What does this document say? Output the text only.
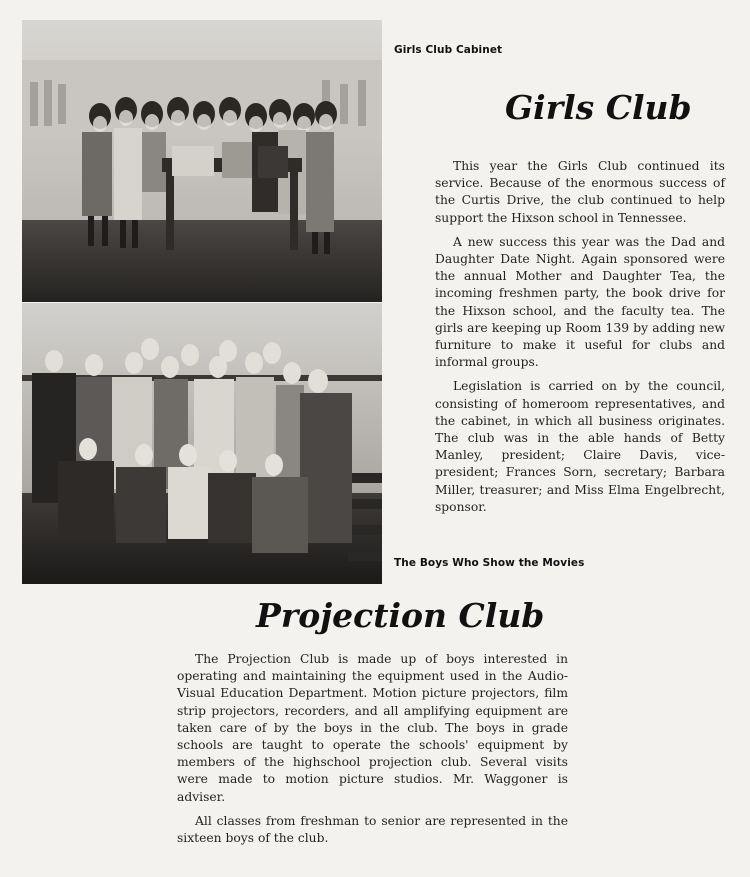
Girls Club Cabinet
The Boys Who Show the Movies
Girls Club

This year the Girls Club continued its service. Because of the enormous success of the Curtis Drive, the club continued to help support the Hixson school in Tennessee.

A new success this year was the Dad and Daughter Date Night. Again sponsored were the annual Mother and Daughter Tea, the incoming freshmen party, the book drive for the Hixson school, and the faculty tea. The girls are keeping up Room 139 by adding new furniture to make it useful for clubs and informal groups.

Legislation is carried on by the council, consisting of homeroom representatives, and the cabinet, in which all business originates. The club was in the able hands of Betty Manley, president; Claire Davis, vice-president; Frances Sorn, secretary; Barbara Miller, treasurer; and Miss Elma Engelbrecht, sponsor.

Projection Club

The Projection Club is made up of boys interested in operating and maintaining the equipment used in the Audio-Visual Education Department. Motion picture projectors, film strip projectors, recorders, and all amplifying equipment are taken care of by the boys in the club. The boys in grade schools are taught to operate the schools' equipment by members of the highschool projection club. Several visits were made to motion picture studios. Mr. Waggoner is adviser.

All classes from freshman to senior are represented in the sixteen boys of the club.
